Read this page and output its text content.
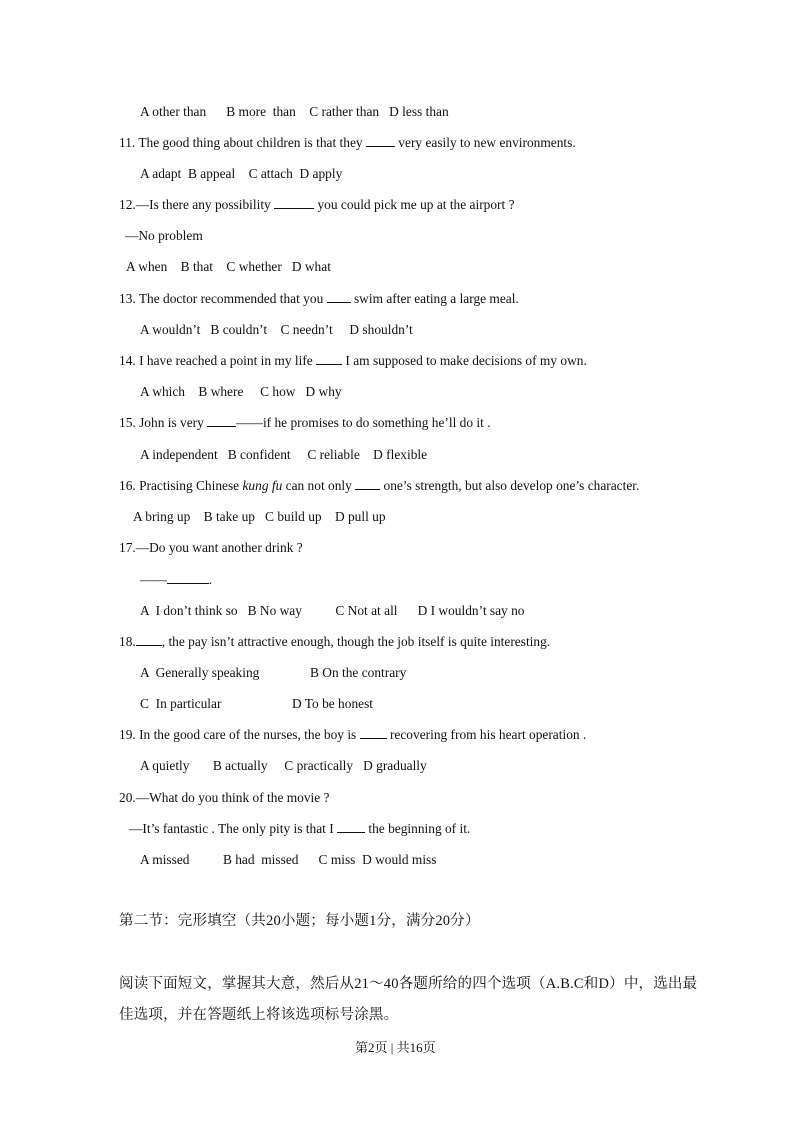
A other than      B more  than    C rather than   D less than
11. The good thing about children is that they  very easily to new environments.
A adapt  B appeal    C attach  D apply
12.—Is there any possibility	you could pick me up at the airport ?
—No problem
A when    B that    C whether   D what
13. The doctor recommended that you  swim after eating a large meal.
A wouldn’t   B couldn’t    C needn’t     D shouldn’t
14. I have reached a point in my life  I am supposed to make decisions of my own.
A which    B where     C how   D why
15. John is very ——if he promises to do something he’ll do it .
A independent   B confident     C reliable    D flexible
16. Practising Chinese kung fu can not only  one’s strength, but also develop one’s character.
A bring up    B take up   C build up    D pull up
17.—Do you want another drink ?
——	.
A  I don’t think so   B No way          C Not at all      D I wouldn’t say no
18. , the pay isn’t attractive enough, though the job itself is quite interesting.
A  Generally speaking	B On the contrary
C  In particular	D To be honest
19. In the good care of the nurses, the boy is  recovering from his heart operation .
A quietly       B actually     C practically   D gradually
20.—What do you think of the movie ?
—It’s fantastic . The only pity is that I  the beginning of it.
A missed          B had  missed      C miss  D would miss
第二节：完形填空（共20小题；每小题1分，满分20分）
阅读下面短文，掌握其大意，然后从21～40各题所给的四个选项（A.B.C和D）中，选出最
佳选项，并在答题纸上将该选项标号涂黑。
第2页 | 共16页
